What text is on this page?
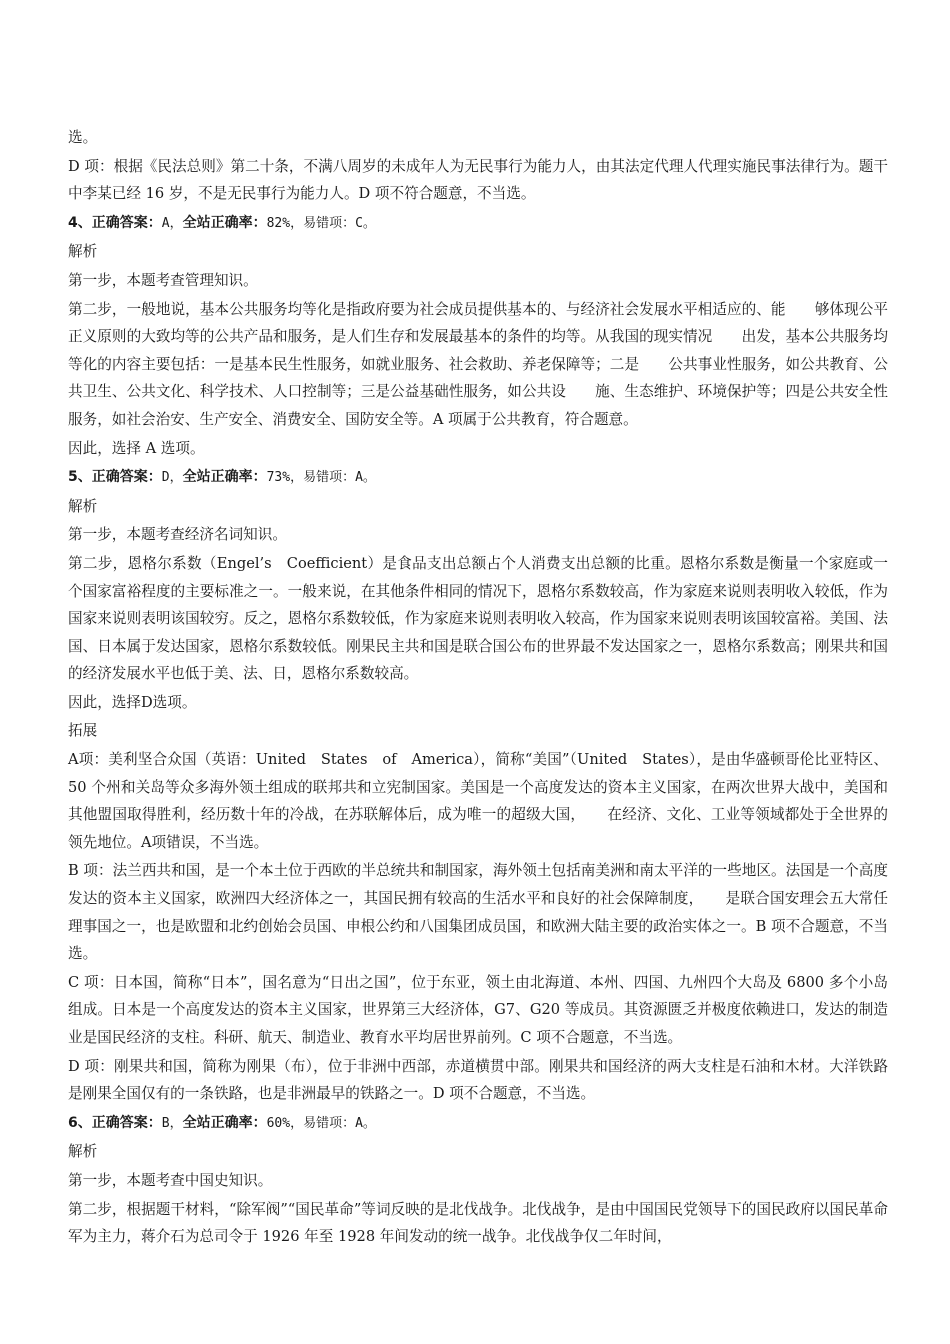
选。

D 项：根据《民法总则》第二十条，不满八周岁的未成年人为无民事行为能力人，由其法定代理人代理实施民事法律行为。题干中李某已经 16 岁，不是无民事行为能力人。D 项不符合题意，不当选。

4、正确答案：A，全站正确率：82%，易错项：C。

解析

第一步，本题考查管理知识。

第二步，一般地说，基本公共服务均等化是指政府要为社会成员提供基本的、与经济社会发展水平相适应的、能　　够体现公平正义原则的大致均等的公共产品和服务，是人们生存和发展最基本的条件的均等。从我国的现实情况　　出发，基本公共服务均等化的内容主要包括：一是基本民生性服务，如就业服务、社会救助、养老保障等；二是　　公共事业性服务，如公共教育、公共卫生、公共文化、科学技术、人口控制等；三是公益基础性服务，如公共设　　施、生态维护、环境保护等；四是公共安全性服务，如社会治安、生产安全、消费安全、国防安全等。A 项属于公共教育，符合题意。

因此，选择 A 选项。

5、正确答案：D，全站正确率：73%，易错项：A。

解析

第一步，本题考查经济名词知识。

第二步，恩格尔系数（Engel’s　Coefficient）是食品支出总额占个人消费支出总额的比重。恩格尔系数是衡量一个家庭或一个国家富裕程度的主要标准之一。一般来说，在其他条件相同的情况下，恩格尔系数较高，作为家庭来说则表明收入较低，作为国家来说则表明该国较穷。反之，恩格尔系数较低，作为家庭来说则表明收入较高，作为国家来说则表明该国较富裕。美国、法国、日本属于发达国家，恩格尔系数较低。刚果民主共和国是联合国公布的世界最不发达国家之一，恩格尔系数高；刚果共和国的经济发展水平也低于美、法、日，恩格尔系数较高。

因此，选择D选项。

拓展

A项：美利坚合众国（英语：United　States　of　America），简称“美国”（United　States），是由华盛顿哥伦比亚特区、50 个州和关岛等众多海外领土组成的联邦共和立宪制国家。美国是一个高度发达的资本主义国家，在两次世界大战中，美国和其他盟国取得胜利，经历数十年的冷战，在苏联解体后，成为唯一的超级大国，　　在经济、文化、工业等领域都处于全世界的领先地位。A项错误，不当选。

B 项：法兰西共和国，是一个本土位于西欧的半总统共和制国家，海外领土包括南美洲和南太平洋的一些地区。法国是一个高度发达的资本主义国家，欧洲四大经济体之一，其国民拥有较高的生活水平和良好的社会保障制度，　　是联合国安理会五大常任理事国之一，也是欧盟和北约创始会员国、申根公约和八国集团成员国，和欧洲大陆主要的政治实体之一。B 项不合题意，不当选。

C 项：日本国，简称“日本”，国名意为“日出之国”，位于东亚，领土由北海道、本州、四国、九州四个大岛及 6800 多个小岛组成。日本是一个高度发达的资本主义国家，世界第三大经济体，G7、G20 等成员。其资源匮乏并极度依赖进口，发达的制造业是国民经济的支柱。科研、航天、制造业、教育水平均居世界前列。C 项不合题意，不当选。

D 项：刚果共和国，简称为刚果（布），位于非洲中西部，赤道横贯中部。刚果共和国经济的两大支柱是石油和木材。大洋铁路是刚果全国仅有的一条铁路，也是非洲最早的铁路之一。D 项不合题意，不当选。

6、正确答案：B，全站正确率：60%，易错项：A。

解析

第一步，本题考查中国史知识。

第二步，根据题干材料，“除军阀”“国民革命”等词反映的是北伐战争。北伐战争，是由中国国民党领导下的国民政府以国民革命军为主力，蒋介石为总司令于 1926 年至 1928 年间发动的统一战争。北伐战争仅二年时间，
